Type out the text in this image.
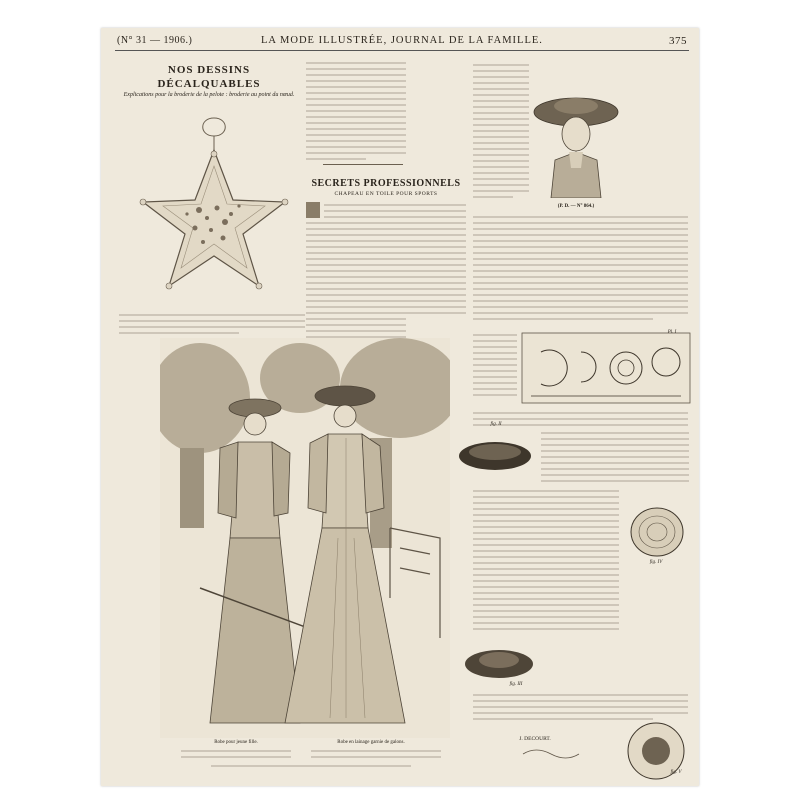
(N° 31 — 1906.)	LA MODE ILLUSTRÉE, JOURNAL DE LA FAMILLE.	375
NOS DESSINS
DÉCALQUABLES
Explications pour la broderie de la pelote : broderie au point du nœud.

SECRETS PROFESSIONNELS
CHAPEAU EN TOILE POUR SPORTS
Robe pour jeune fille.	Robe en lainage garnie de galons.
(P. D. — N° 864.)
Pl. I
fig. II
fig. IV
fig. III
J. DECOURT.
fig. V
